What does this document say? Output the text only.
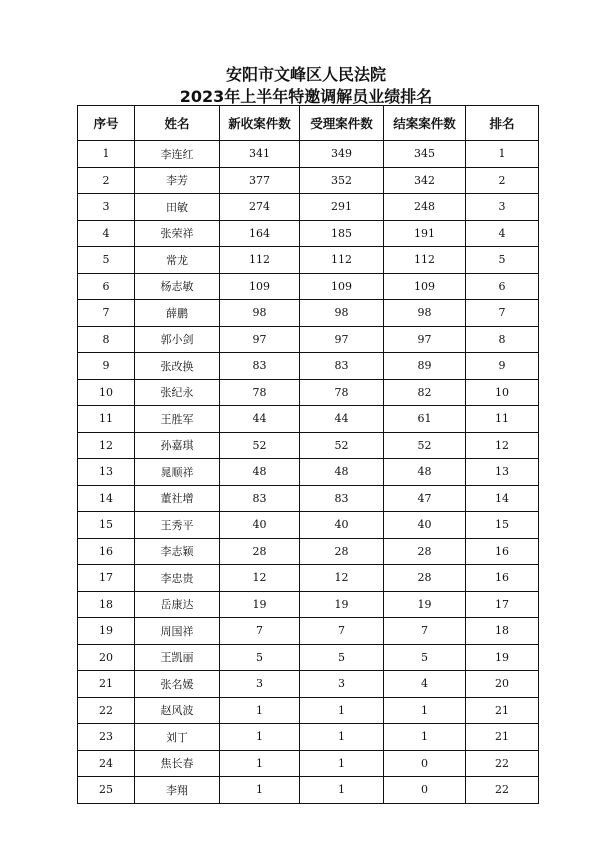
安阳市文峰区人民法院
2023年上半年特邀调解员业绩排名
序号	姓名	新收案件数	受理案件数	结案案件数	排名
1	李连红	341	349	345	1
2	李芳	377	352	342	2
3	田敏	274	291	248	3
4	张荣祥	164	185	191	4
5	常龙	112	112	112	5
6	杨志敏	109	109	109	6
7	薛鹏	98	98	98	7
8	郭小剑	97	97	97	8
9	张改换	83	83	89	9
10	张纪永	78	78	82	10
11	王胜军	44	44	61	11
12	孙嘉琪	52	52	52	12
13	晁顺祥	48	48	48	13
14	董社增	83	83	47	14
15	王秀平	40	40	40	15
16	李志颖	28	28	28	16
17	李忠贵	12	12	28	16
18	岳康达	19	19	19	17
19	周国祥	7	7	7	18
20	王凯丽	5	5	5	19
21	张名媛	3	3	4	20
22	赵风波	1	1	1	21
23	刘丁	1	1	1	21
24	焦长春	1	1	0	22
25	李翔	1	1	0	22
